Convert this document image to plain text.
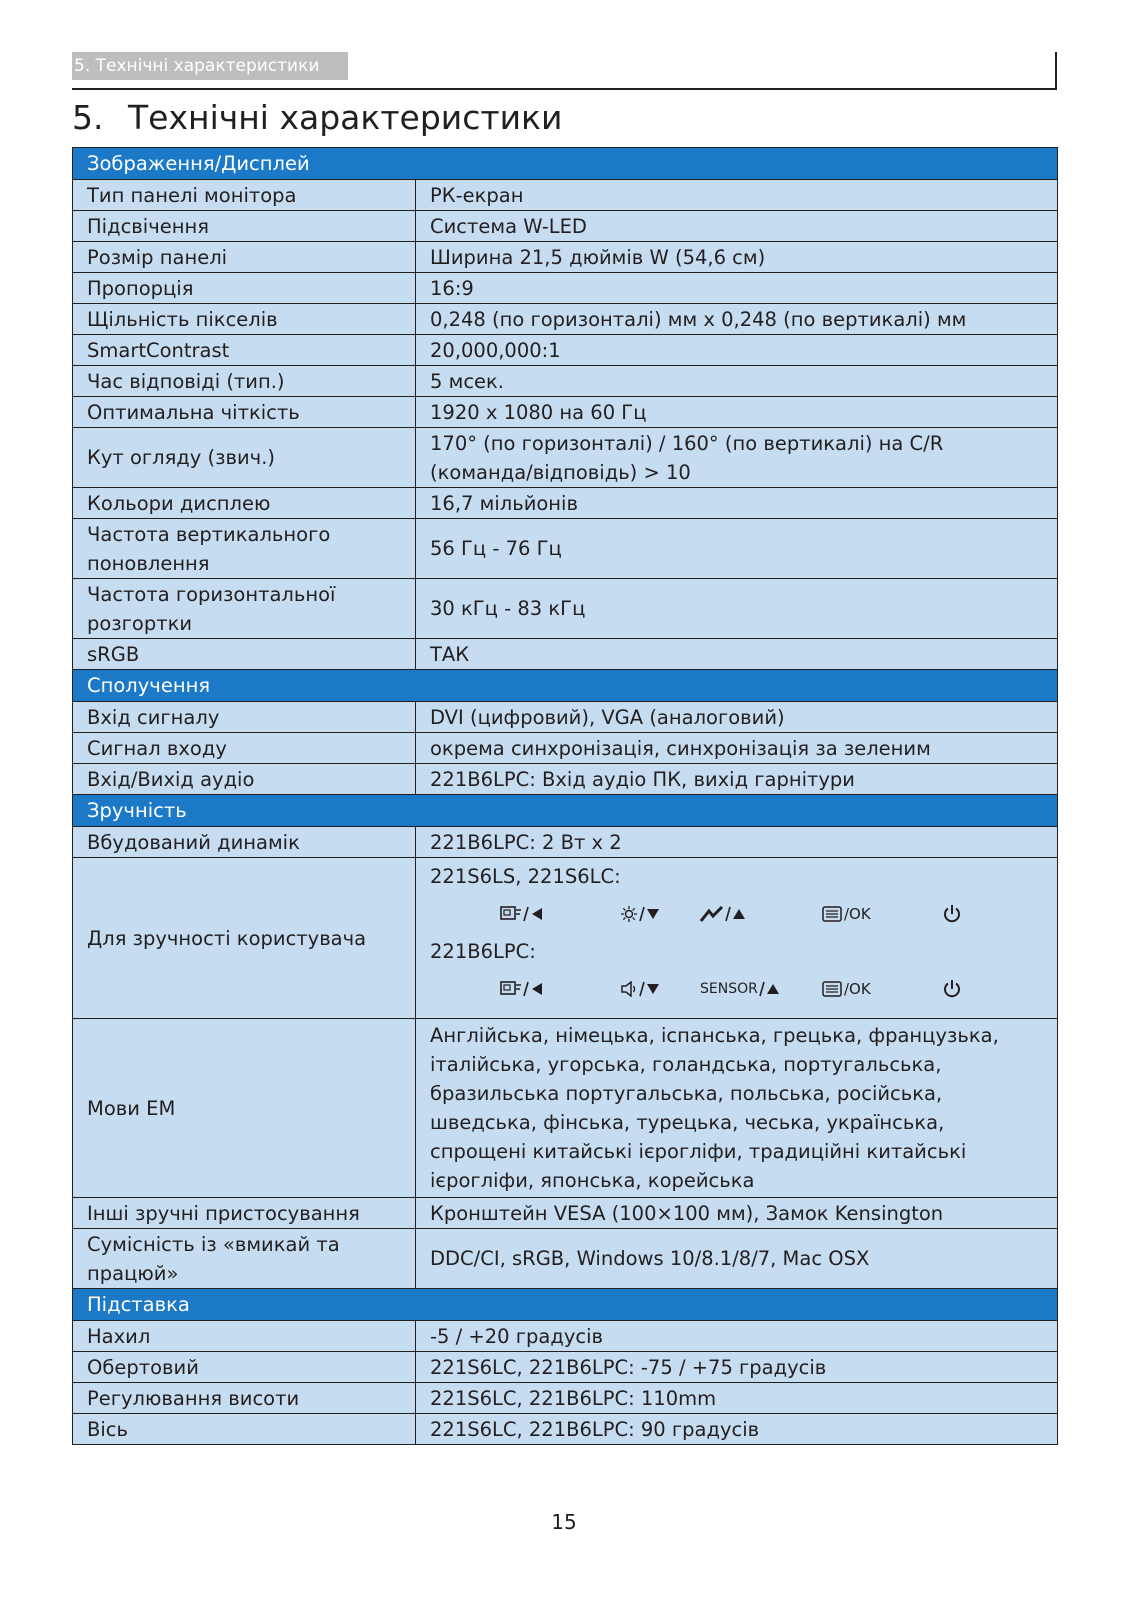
5. Технічні характеристики
5. Технічні характеристики
Зображення/Дисплей	
Тип панелі монітора	РК-екран
Підсвічення	Система W-LED
Розмір панелі	Ширина 21,5 дюймів W (54,6 см)
Пропорція	16:9
Щільність пікселів	0,248 (по горизонталі) мм x 0,248 (по вертикалі) мм
SmartContrast	20,000,000:1
Час відповіді (тип.)	5 мсек.
Оптимальна чіткість	1920 x 1080 на 60 Гц
Кут огляду (звич.)	170° (по горизонталі) / 160° (по вертикалі) на C/R (команда/відповідь) > 10
Кольори дисплею	16,7 мільйонів
Частота вертикального поновлення	56 Гц - 76 Гц
Частота горизонтальної розгортки	30 кГц - 83 кГц
sRGB	ТАК
Сполучення	
Вхід сигналу	DVI (цифровий), VGA (аналоговий)
Сигнал входу	окрема синхронізація, синхронізація за зеленим
Вхід/Вихід аудіо	221B6LPC: Вхід аудіо ПК, вихід гарнітури
Зручність	
Вбудований динамік	221B6LPC: 2 Вт x 2
Для зручності користувача	221S6LS, 221S6LC:
/OK
221B6LPC:
SENSOR /OK

Мови ЕМ	Англійська, німецька, іспанська, грецька, французька, італійська, угорська, голандська, португальська, бразильська португальська, польська, російська, шведська, фінська, турецька, чеська, українська, спрощені китайські ієрогліфи, традиційні китайські ієрогліфи, японська, корейська
Інші зручні пристосування	Кронштейн VESA (100×100 мм), Замок Kensington
Сумісність із «вмикай та працюй»	DDC/CI, sRGB, Windows 10/8.1/8/7, Mac OSX
Підставка	
Нахил	-5 / +20 градусів
Обертовий	221S6LC, 221B6LPC: -75 / +75 градусів
Регулювання висоти	221S6LC, 221B6LPC: 110mm
Вісь	221S6LC, 221B6LPC: 90 градусів
15
